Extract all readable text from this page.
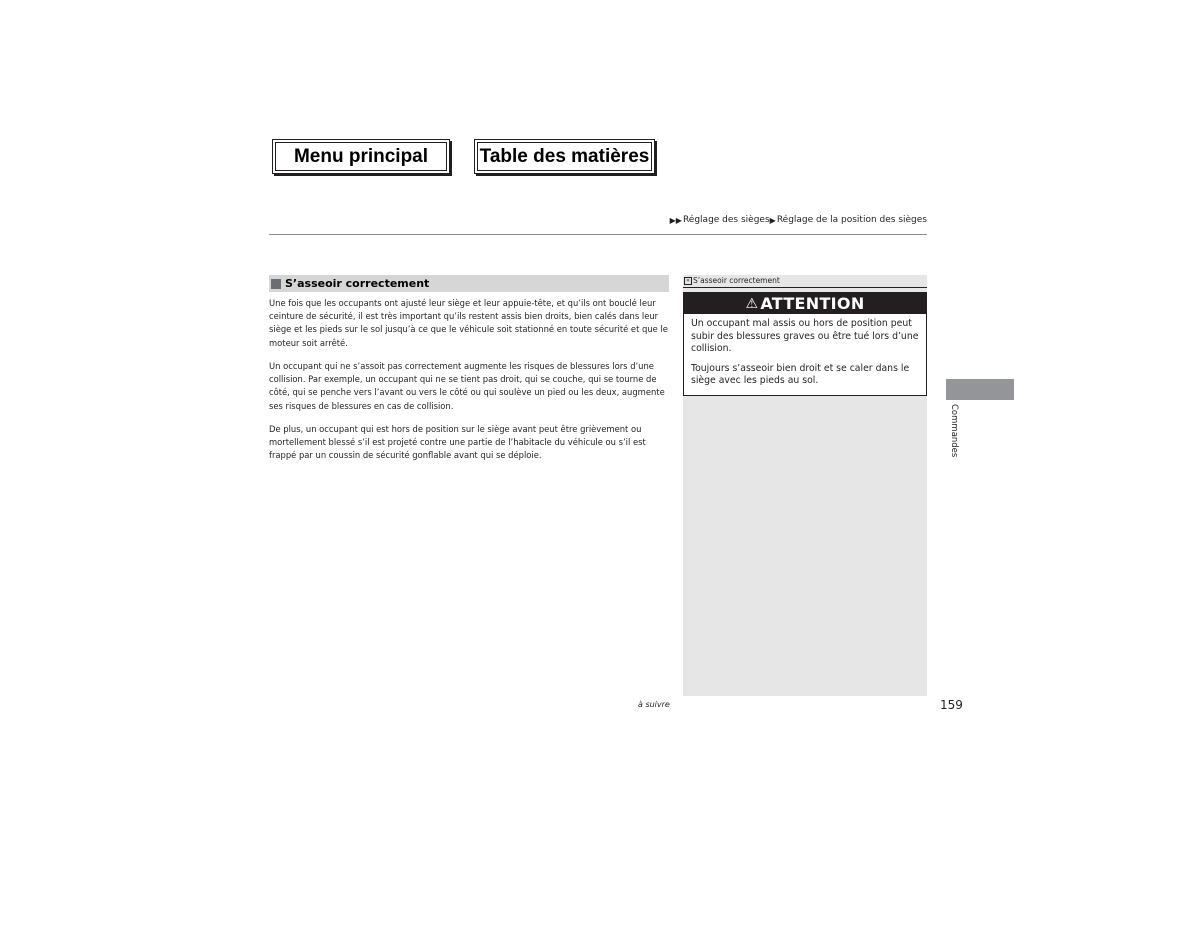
Menu principal	Table des matières
▶▶ Réglage des sièges ▶ Réglage de la position des sièges
S’asseoir correctement

Une fois que les occupants ont ajusté leur siège et leur appuie-tête, et qu’ils ont bouclé leur ceinture de sécurité, il est très important qu’ils restent assis bien droits, bien calés dans leur siège et les pieds sur le sol jusqu’à ce que le véhicule soit stationné en toute sécurité et que le moteur soit arrêté.

Un occupant qui ne s’assoit pas correctement augmente les risques de blessures lors d’une collision. Par exemple, un occupant qui ne se tient pas droit, qui se couche, qui se tourne de côté, qui se penche vers l’avant ou vers le côté ou qui soulève un pied ou les deux, augmente ses risques de blessures en cas de collision.

De plus, un occupant qui est hors de position sur le siège avant peut être grièvement ou mortellement blessé s’il est projeté contre une partie de l’habitacle du véhicule ou s’il est frappé par un coussin de sécurité gonflable avant qui se déploie.

» S’asseoir correctement
⚠ ATTENTION

Un occupant mal assis ou hors de position peut subir des blessures graves ou être tué lors d’une collision.

Toujours s’asseoir bien droit et se caler dans le siège avec les pieds au sol.

Commandes
à suivre	159
